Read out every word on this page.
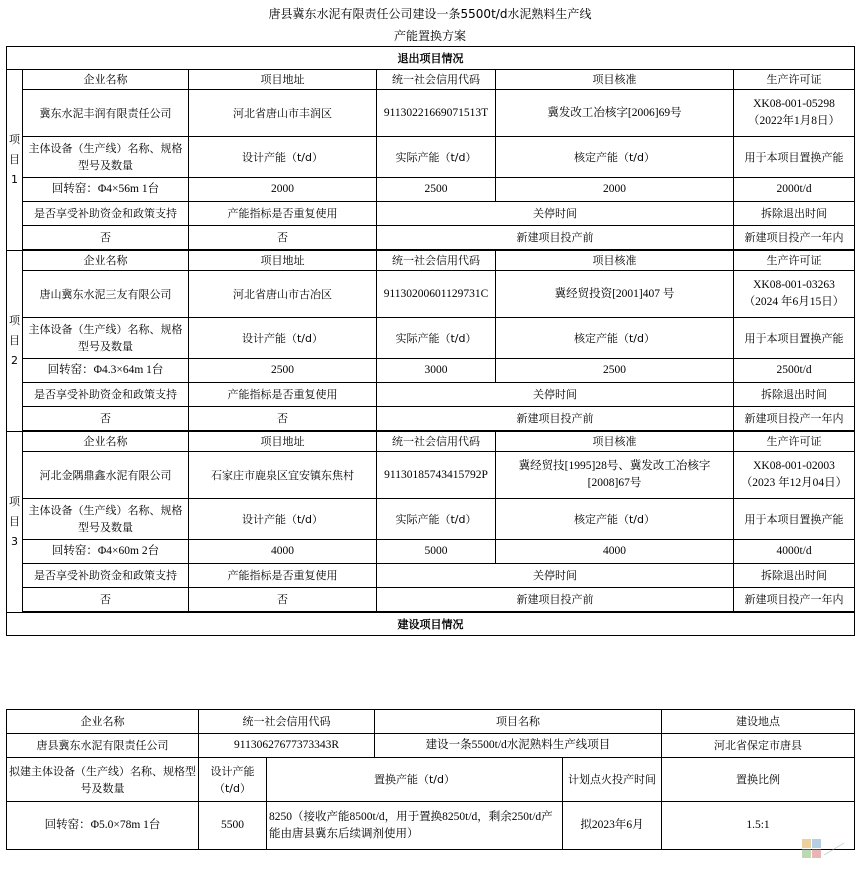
唐县冀东水泥有限责任公司建设一条5500t/d水泥熟料生产线
产能置换方案
退出项目情况					
项
目
1	企业名称	项目地址	统一社会信用代码	项目核准	生产许可证
	冀东水泥丰润有限责任公司	河北省唐山市丰润区	91130221669071513T	冀发改工冶核字[2006]69号	XK08-001-05298
（2022年1月8日）
	主体设备（生产线）名称、规格型号及数量	设计产能（t/d）	实际产能（t/d）	核定产能（t/d）	用于本项目置换产能
	回转窑：Φ4×56m 1台	2000	2500	2000	2000t/d
	是否享受补助资金和政策支持	产能指标是否重复使用	关停时间		拆除退出时间
	否	否	新建项目投产前		新建项目投产一年内

项
目
2	企业名称	项目地址	统一社会信用代码	项目核准	生产许可证
	唐山冀东水泥三友有限公司	河北省唐山市古冶区	91130200601129731C	冀经贸投资[2001]407 号	XK08-001-03263
（2024 年6月15日）
	主体设备（生产线）名称、规格型号及数量	设计产能（t/d）	实际产能（t/d）	核定产能（t/d）	用于本项目置换产能
	回转窑：Φ4.3×64m 1台	2500	3000	2500	2500t/d
	是否享受补助资金和政策支持	产能指标是否重复使用	关停时间		拆除退出时间
	否	否	新建项目投产前		新建项目投产一年内

项
目
3	企业名称	项目地址	统一社会信用代码	项目核准	生产许可证
	河北金隅鼎鑫水泥有限公司	石家庄市鹿泉区宜安镇东焦村	91130185743415792P	冀经贸技[1995]28号、冀发改工冶核字[2008]67号	XK08-001-02003
（2023 年12月04日）
	主体设备（生产线）名称、规格型号及数量	设计产能（t/d）	实际产能（t/d）	核定产能（t/d）	用于本项目置换产能
	回转窑：Φ4×60m 2台	4000	5000	4000	4000t/d
	是否享受补助资金和政策支持	产能指标是否重复使用	关停时间		拆除退出时间
	否	否	新建项目投产前		新建项目投产一年内

建设项目情况					
企业名称	统一社会信用代码		项目名称		建设地点
唐县冀东水泥有限责任公司	91130627677373343R		建设一条5500t/d水泥熟料生产线项目		河北省保定市唐县
拟建主体设备（生产线）名称、规格型号及数量	设计产能（t/d）	置换产能（t/d）		计划点火投产时间	置换比例
回转窑：Φ5.0×78m 1台	5500	8250（接收产能8500t/d，用于置换8250t/d，剩余250t/d产能由唐县冀东后续调剂使用）		拟2023年6月	1.5:1
